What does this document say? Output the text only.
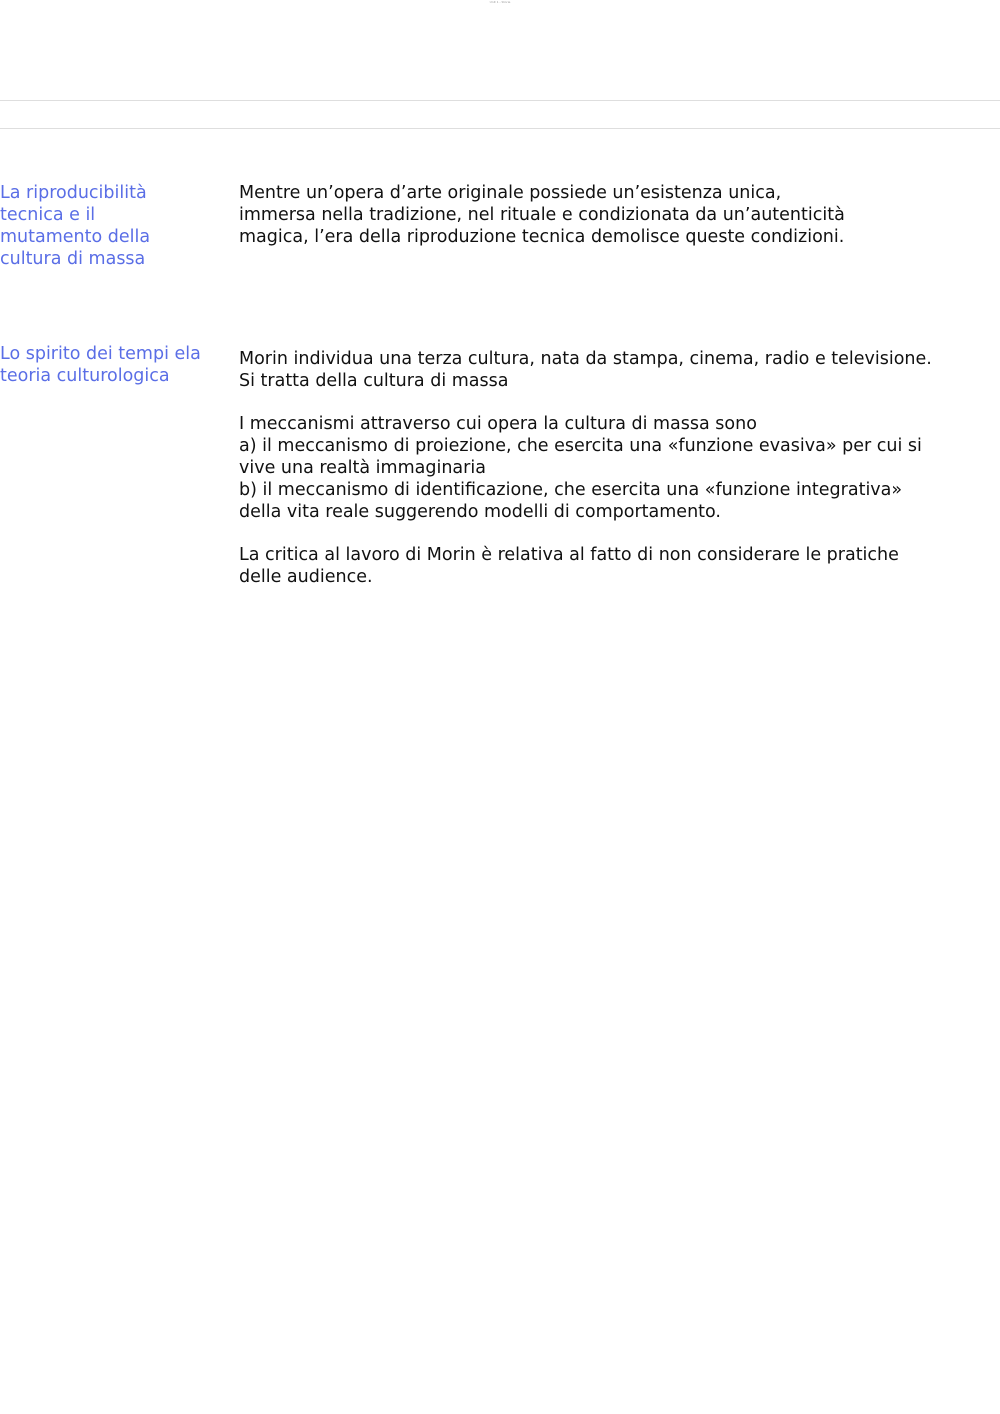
Unit 1 - Storie
La riproducibilità
tecnica e il
mutamento della
cultura di massa

Mentre un’opera d’arte originale possiede un’esistenza unica,
immersa nella tradizione, nel rituale e condizionata da un’autenticità
magica, l’era della riproduzione tecnica demolisce queste condizioni.

Lo spirito dei tempi ela
teoria culturologica

Morin individua una terza cultura, nata da stampa, cinema, radio e televisione.
Si tratta della cultura di massa

I meccanismi attraverso cui opera la cultura di massa sono
a) il meccanismo di proiezione, che esercita una «funzione evasiva» per cui si
vive una realtà immaginaria
b) il meccanismo di identificazione, che esercita una «funzione integrativa»
della vita reale suggerendo modelli di comportamento.

La critica al lavoro di Morin è relativa al fatto di non considerare le pratiche
delle audience.
